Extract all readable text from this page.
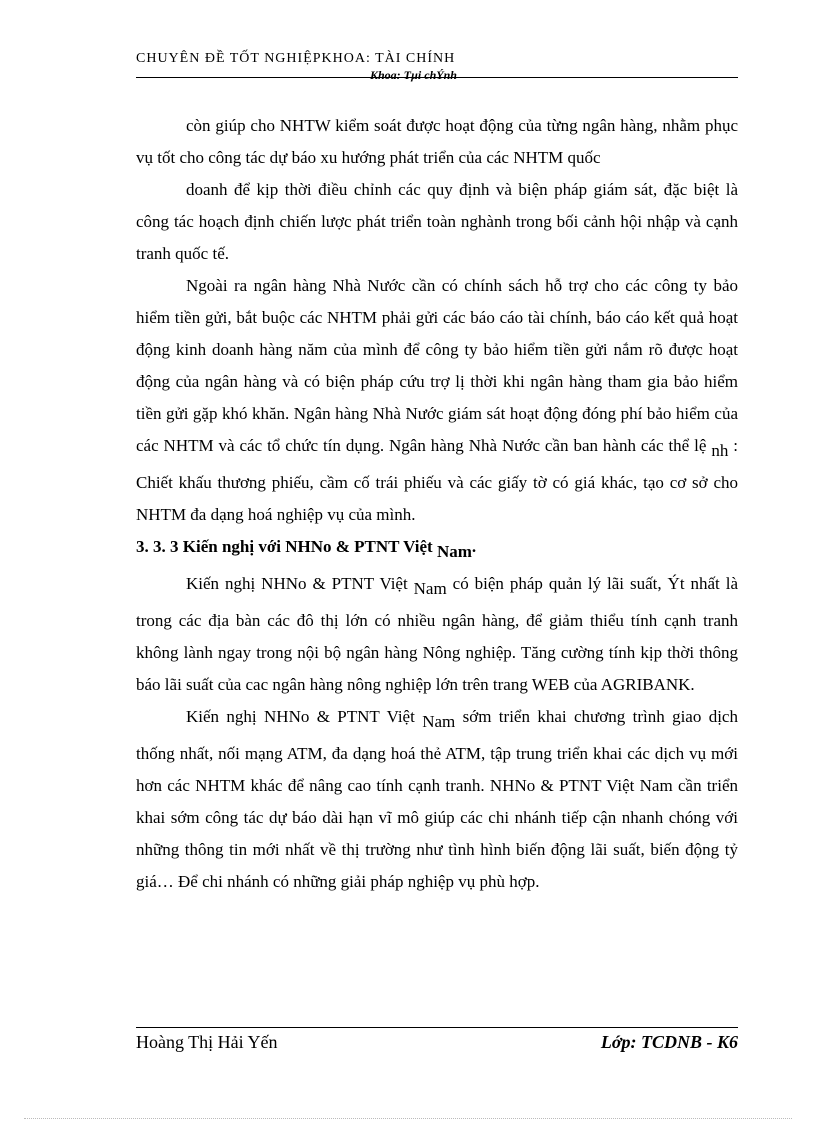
CHUYÊN ĐỀ TỐT NGHIỆPKHOA: TÀI CHÍNH
Khoa: Tµi chÝnh

còn giúp cho NHTW kiểm soát được hoạt động của từng ngân hàng, nhằm phục vụ tốt cho công tác dự báo xu hướng phát triển của các NHTM quốc

doanh để kịp thời điều chỉnh các quy định và biện pháp giám sát, đặc biệt là công tác hoạch định chiến lược phát triển toàn nghành trong bối cảnh hội nhập và cạnh tranh quốc tế.

Ngoài ra ngân hàng Nhà Nước cần có chính sách hỗ trợ cho các công ty bảo hiểm tiền gửi, bắt buộc các NHTM phải gửi các báo cáo tài chính, báo cáo kết quả hoạt động kinh doanh hàng năm của mình để công ty bảo hiểm tiền gửi nắm rõ được hoạt động của ngân hàng và có biện pháp cứu trợ lị thời khi ngân hàng tham gia bảo hiểm tiền gửi gặp khó khăn. Ngân hàng Nhà Nước giám sát hoạt động đóng phí bảo hiểm của các NHTM và các tổ chức tín dụng. Ngân hàng Nhà Nước cần ban hành các thể lệ nh : Chiết khấu thương phiếu, cầm cố trái phiếu và các giấy tờ có giá khác, tạo cơ sở cho NHTM đa dạng hoá nghiệp vụ của mình.

3. 3. 3 Kiến nghị với NHNo & PTNT Việt Nam.

Kiến nghị NHNo & PTNT Việt Nam có biện pháp quản lý lãi suất, Ýt nhất là trong các địa bàn các đô thị lớn có nhiều ngân hàng, để giảm thiểu tính cạnh tranh không lành ngay trong nội bộ ngân hàng Nông nghiệp. Tăng cường tính kịp thời thông báo lãi suất của cac ngân hàng nông nghiệp lớn trên trang WEB của AGRIBANK.

Kiến nghị NHNo & PTNT Việt Nam sớm triển khai chương trình giao dịch thống nhất, nối mạng ATM, đa dạng hoá thẻ ATM, tập trung triển khai các dịch vụ mới hơn các NHTM khác để nâng cao tính cạnh tranh. NHNo & PTNT Việt Nam cần triển khai sớm công tác dự báo dài hạn vĩ mô giúp các chi nhánh tiếp cận nhanh chóng với những thông tin mới nhất về thị trường như tình hình biến động lãi suất, biến động tỷ giá… Để chi nhánh có những giải pháp nghiệp vụ phù hợp.

Hoàng Thị Hải Yến	Lớp: TCDNB - K6
